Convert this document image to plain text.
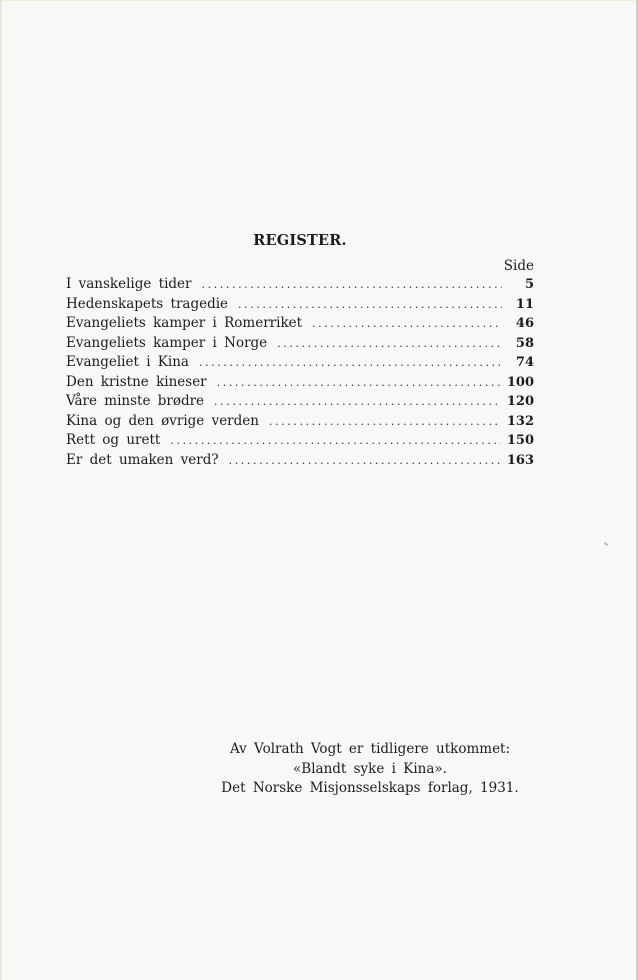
REGISTER.
Side
I vanskelige tider .....	5
Hedenskapets tragedie .....	11
Evangeliets kamper i Romerriket .....	46
Evangeliets kamper i Norge .....	58
Evangeliet i Kina .....	74
Den kristne kineser .....	100
Våre minste brødre .....	120
Kina og den øvrige verden .....	132
Rett og urett .....	150
Er det umaken verd? .....	163
Av Volrath Vogt er tidligere utkommet:
«Blandt syke i Kina».
Det Norske Misjonsselskaps forlag, 1931.
